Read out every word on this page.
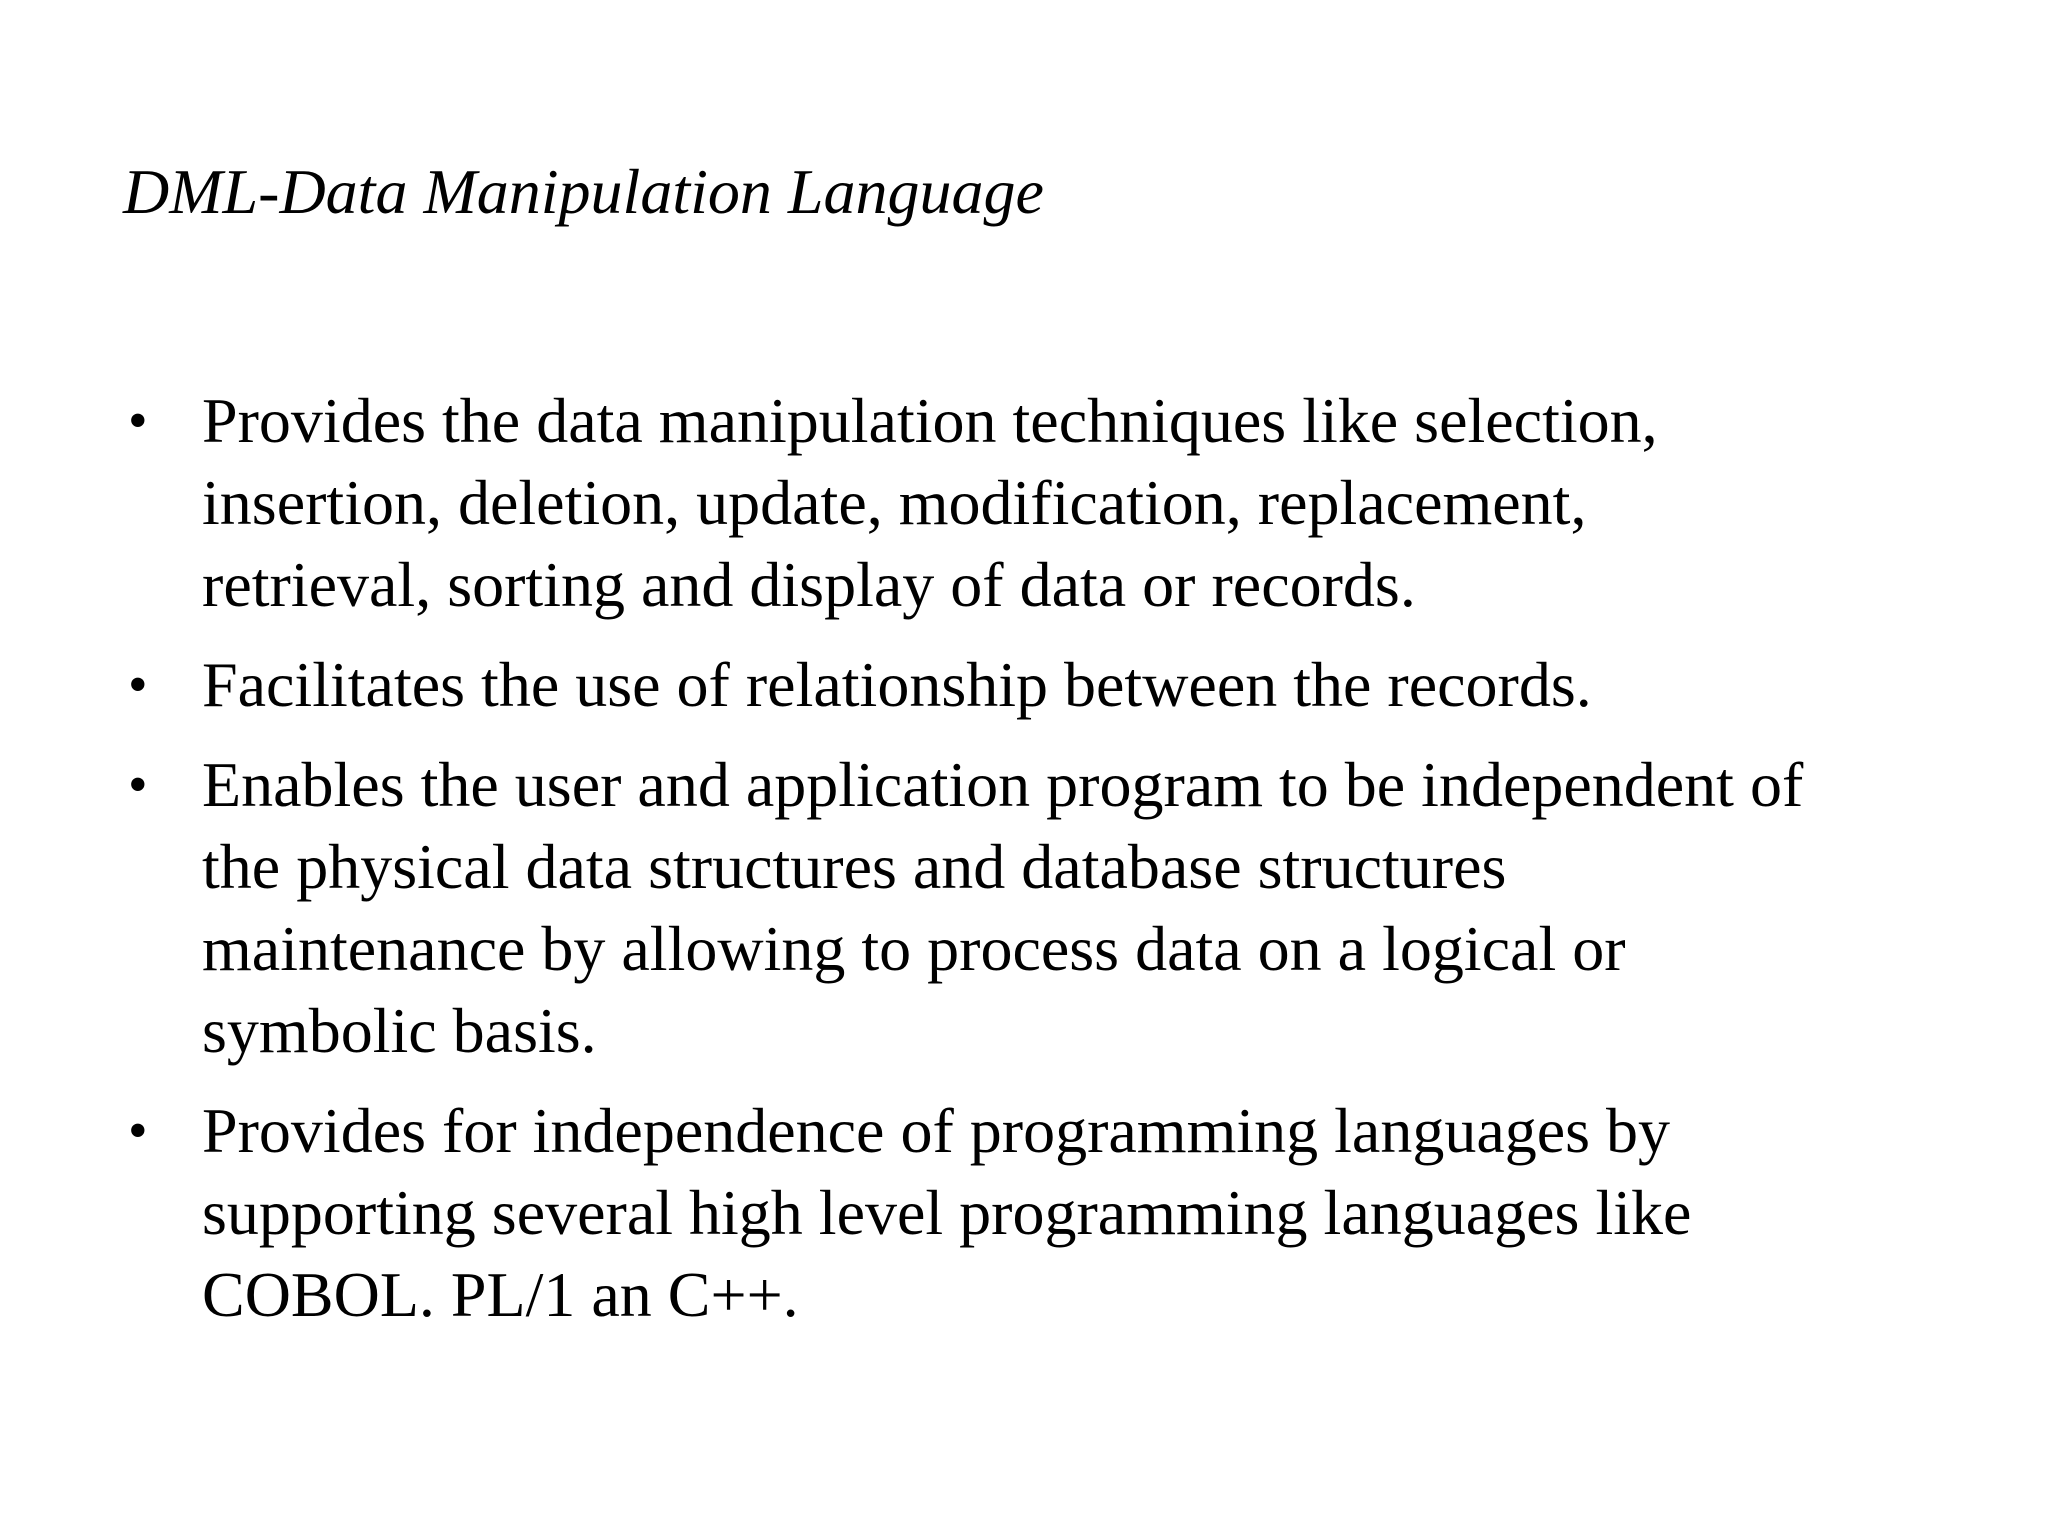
DML-Data Manipulation Language
• Provides the data manipulation techniques like selection,
insertion, deletion, update, modification, replacement,
retrieval, sorting and display of data or records.
• Facilitates the use of relationship between the records.
• Enables the user and application program to be independent of
the physical data structures and database structures
maintenance by allowing to process data on a logical or
symbolic basis.
• Provides for independence of programming languages by
supporting several high level programming languages like
COBOL. PL/1 an C++.
